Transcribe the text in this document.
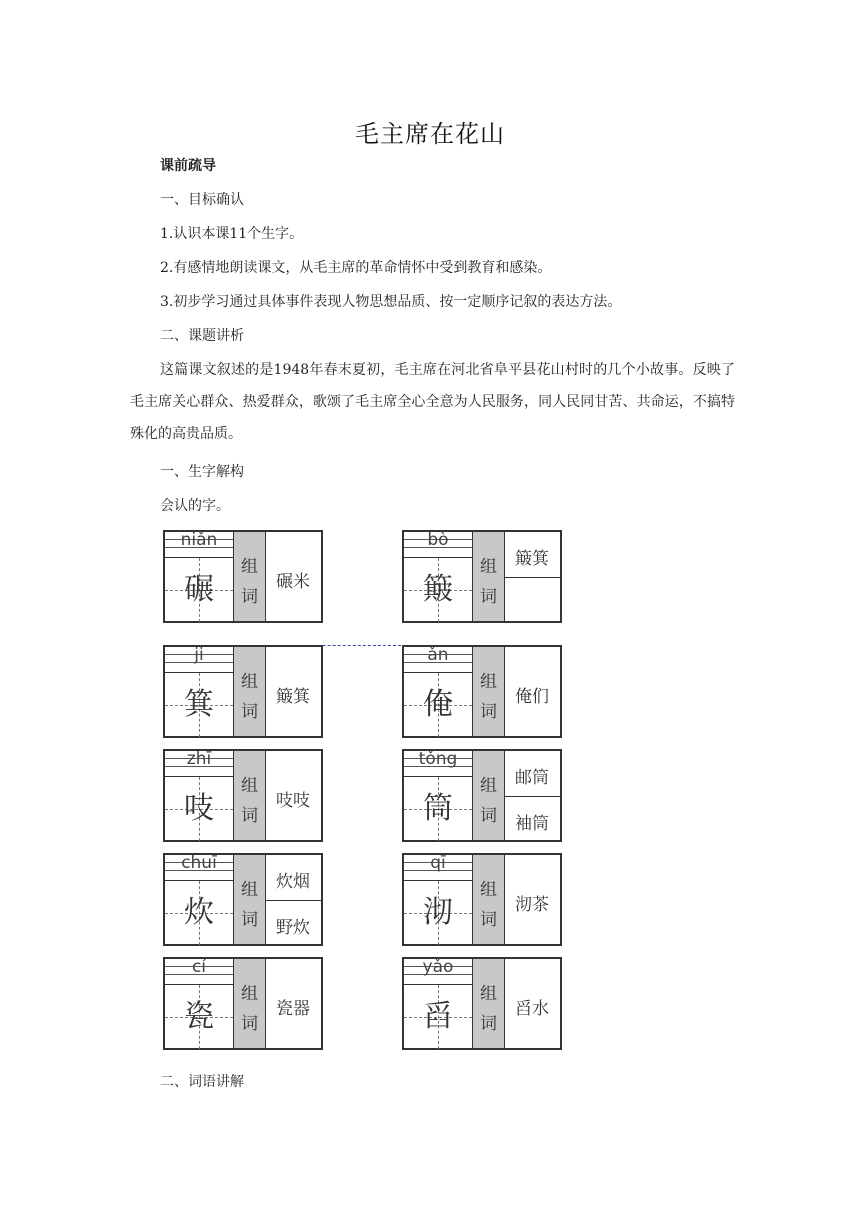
毛主席在花山
课前疏导
一、目标确认
1.认识本课11个生字。
2.有感情地朗读课文，从毛主席的革命情怀中受到教育和感染。
3.初步学习通过具体事件表现人物思想品质、按一定顺序记叙的表达方法。
二、课题讲析
这篇课文叙述的是1948年春末夏初，毛主席在河北省阜平县花山村时的几个小故事。反映了毛主席关心群众、热爱群众，歌颂了毛主席全心全意为人民服务，同人民同甘苦、共命运，不搞特殊化的高贵品质。
一、生字解构
会认的字。
niǎn
碾
组
词
碾米
bò
簸
组
词
簸箕
ji
箕
组
词
簸箕
ǎn
俺
组
词
俺们
zhī
吱
组
词
吱吱
tǒng
筒
组
词
邮筒
袖筒
chuī
炊
组
词
炊烟
野炊
qī
沏
组
词
沏茶
cí
瓷
组
词
瓷器
yǎo
舀
组
词
舀水
二、词语讲解
